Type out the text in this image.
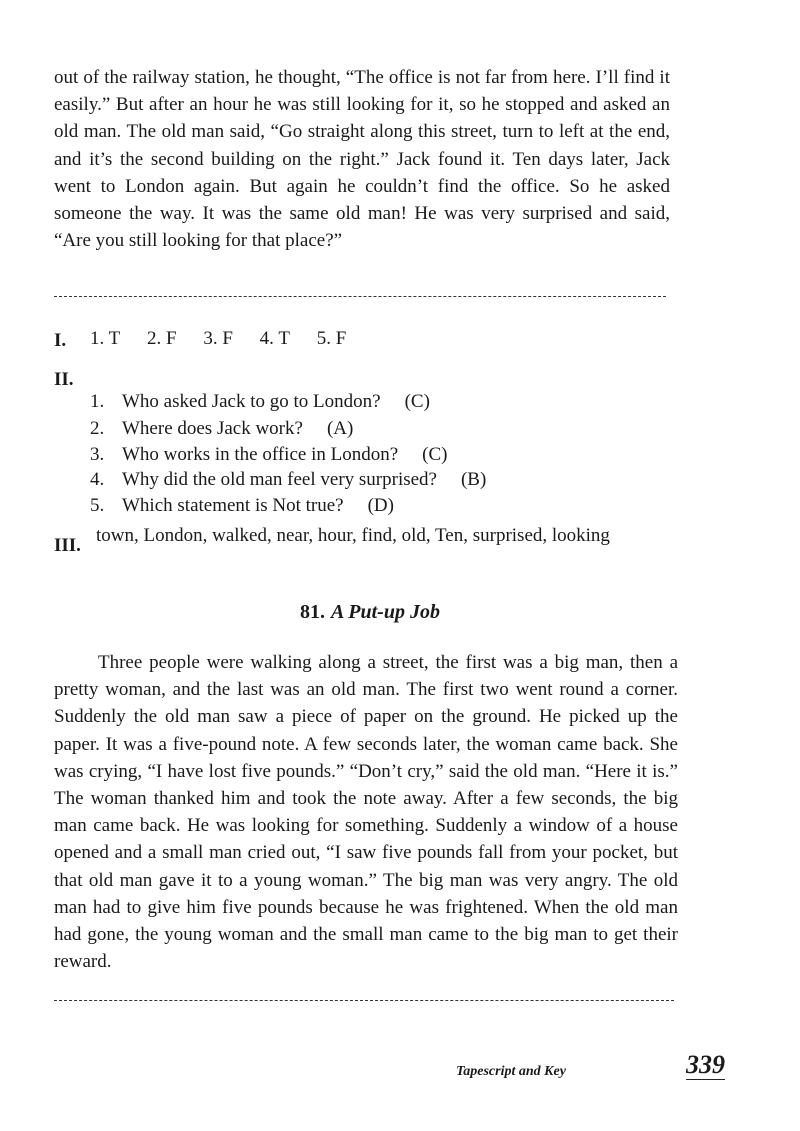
out of the railway station, he thought, “The office is not far from here. I’ll find it easily.” But after an hour he was still looking for it, so he stopped and asked an old man. The old man said, “Go straight along this street, turn to left at the end, and it’s the second building on the right.” Jack found it. Ten days later, Jack went to London again. But again he couldn’t find the office. So he asked someone the way. It was the same old man! He was very surprised and said, “Are you still looking for that place?”
I. 1. T 2. F 3. F 4. T 5. F
II.
1. Who asked Jack to go to London? (C)
2. Where does Jack work? (A)
3. Who works in the office in London? (C)
4. Why did the old man feel very surprised? (B)
5. Which statement is Not true? (D)
III. town, London, walked, near, hour, find, old, Ten, surprised, looking
81. A Put-up Job
Three people were walking along a street, the first was a big man, then a pretty woman, and the last was an old man. The first two went round a corner. Suddenly the old man saw a piece of paper on the ground. He picked up the paper. It was a five-pound note. A few seconds later, the woman came back. She was crying, “I have lost five pounds.” “Don’t cry,” said the old man. “Here it is.” The woman thanked him and took the note away. After a few seconds, the big man came back. He was looking for something. Suddenly a window of a house opened and a small man cried out, “I saw five pounds fall from your pocket, but that old man gave it to a young woman.” The big man was very angry. The old man had to give him five pounds because he was frightened. When the old man had gone, the young woman and the small man came to the big man to get their reward.
Tapescript and Key	339
